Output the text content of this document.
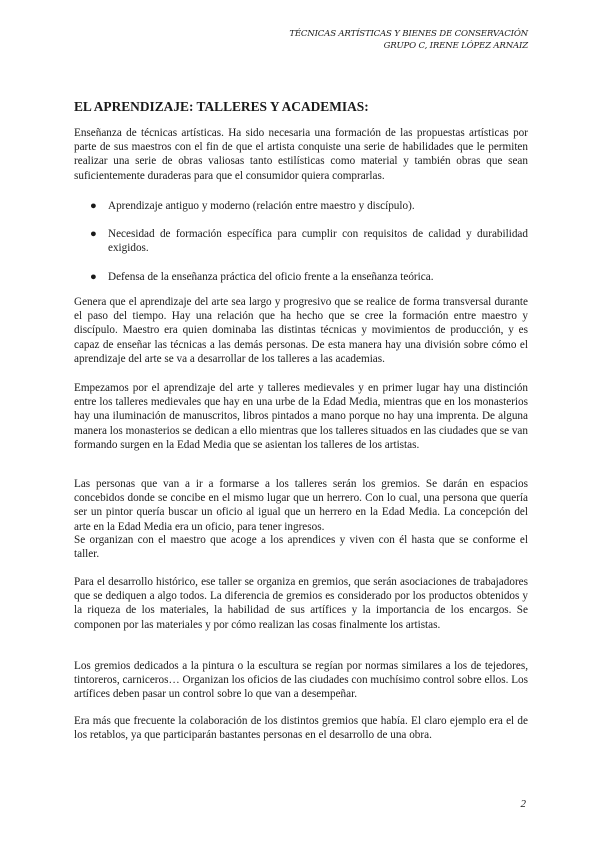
TÉCNICAS ARTÍSTICAS Y BIENES DE CONSERVACIÓN
GRUPO C, IRENE LÓPEZ ARNAIZ
EL APRENDIZAJE: TALLERES Y ACADEMIAS:
Enseñanza de técnicas artísticas. Ha sido necesaria una formación de las propuestas artísticas por parte de sus maestros con el fin de que el artista conquiste una serie de habilidades que le permiten realizar una serie de obras valiosas tanto estilísticas como material y también obras que sean suficientemente duraderas para que el consumidor quiera comprarlas.
● Aprendizaje antiguo y moderno (relación entre maestro y discípulo).
● Necesidad de formación específica para cumplir con requisitos de calidad y durabilidad exigidos.
● Defensa de la enseñanza práctica del oficio frente a la enseñanza teórica.
Genera que el aprendizaje del arte sea largo y progresivo que se realice de forma transversal durante el paso del tiempo. Hay una relación que ha hecho que se cree la formación entre maestro y discípulo. Maestro era quien dominaba las distintas técnicas y movimientos de producción, y es capaz de enseñar las técnicas a las demás personas. De esta manera hay una división sobre cómo el aprendizaje del arte se va a desarrollar de los talleres a las academias.
Empezamos por el aprendizaje del arte y talleres medievales y en primer lugar hay una distinción entre los talleres medievales que hay en una urbe de la Edad Media, mientras que en los monasterios hay una iluminación de manuscritos, libros pintados a mano porque no hay una imprenta. De alguna manera los monasterios se dedican a ello mientras que los talleres situados en las ciudades que se van formando surgen en la Edad Media que se asientan los talleres de los artistas.
Las personas que van a ir a formarse a los talleres serán los gremios. Se darán en espacios concebidos donde se concibe en el mismo lugar que un herrero. Con lo cual, una persona que quería ser un pintor quería buscar un oficio al igual que un herrero en la Edad Media. La concepción del arte en la Edad Media era un oficio, para tener ingresos.
Se organizan con el maestro que acoge a los aprendices y viven con él hasta que se conforme el taller.
Para el desarrollo histórico, ese taller se organiza en gremios, que serán asociaciones de trabajadores que se dediquen a algo todos. La diferencia de gremios es considerado por los productos obtenidos y la riqueza de los materiales, la habilidad de sus artífices y la importancia de los encargos. Se componen por las materiales y por cómo realizan las cosas finalmente los artistas.
Los gremios dedicados a la pintura o la escultura se regían por normas similares a los de tejedores, tintoreros, carniceros… Organizan los oficios de las ciudades con muchísimo control sobre ellos. Los artífices deben pasar un control sobre lo que van a desempeñar.
Era más que frecuente la colaboración de los distintos gremios que había. El claro ejemplo era el de los retablos, ya que participarán bastantes personas en el desarrollo de una obra.
2
